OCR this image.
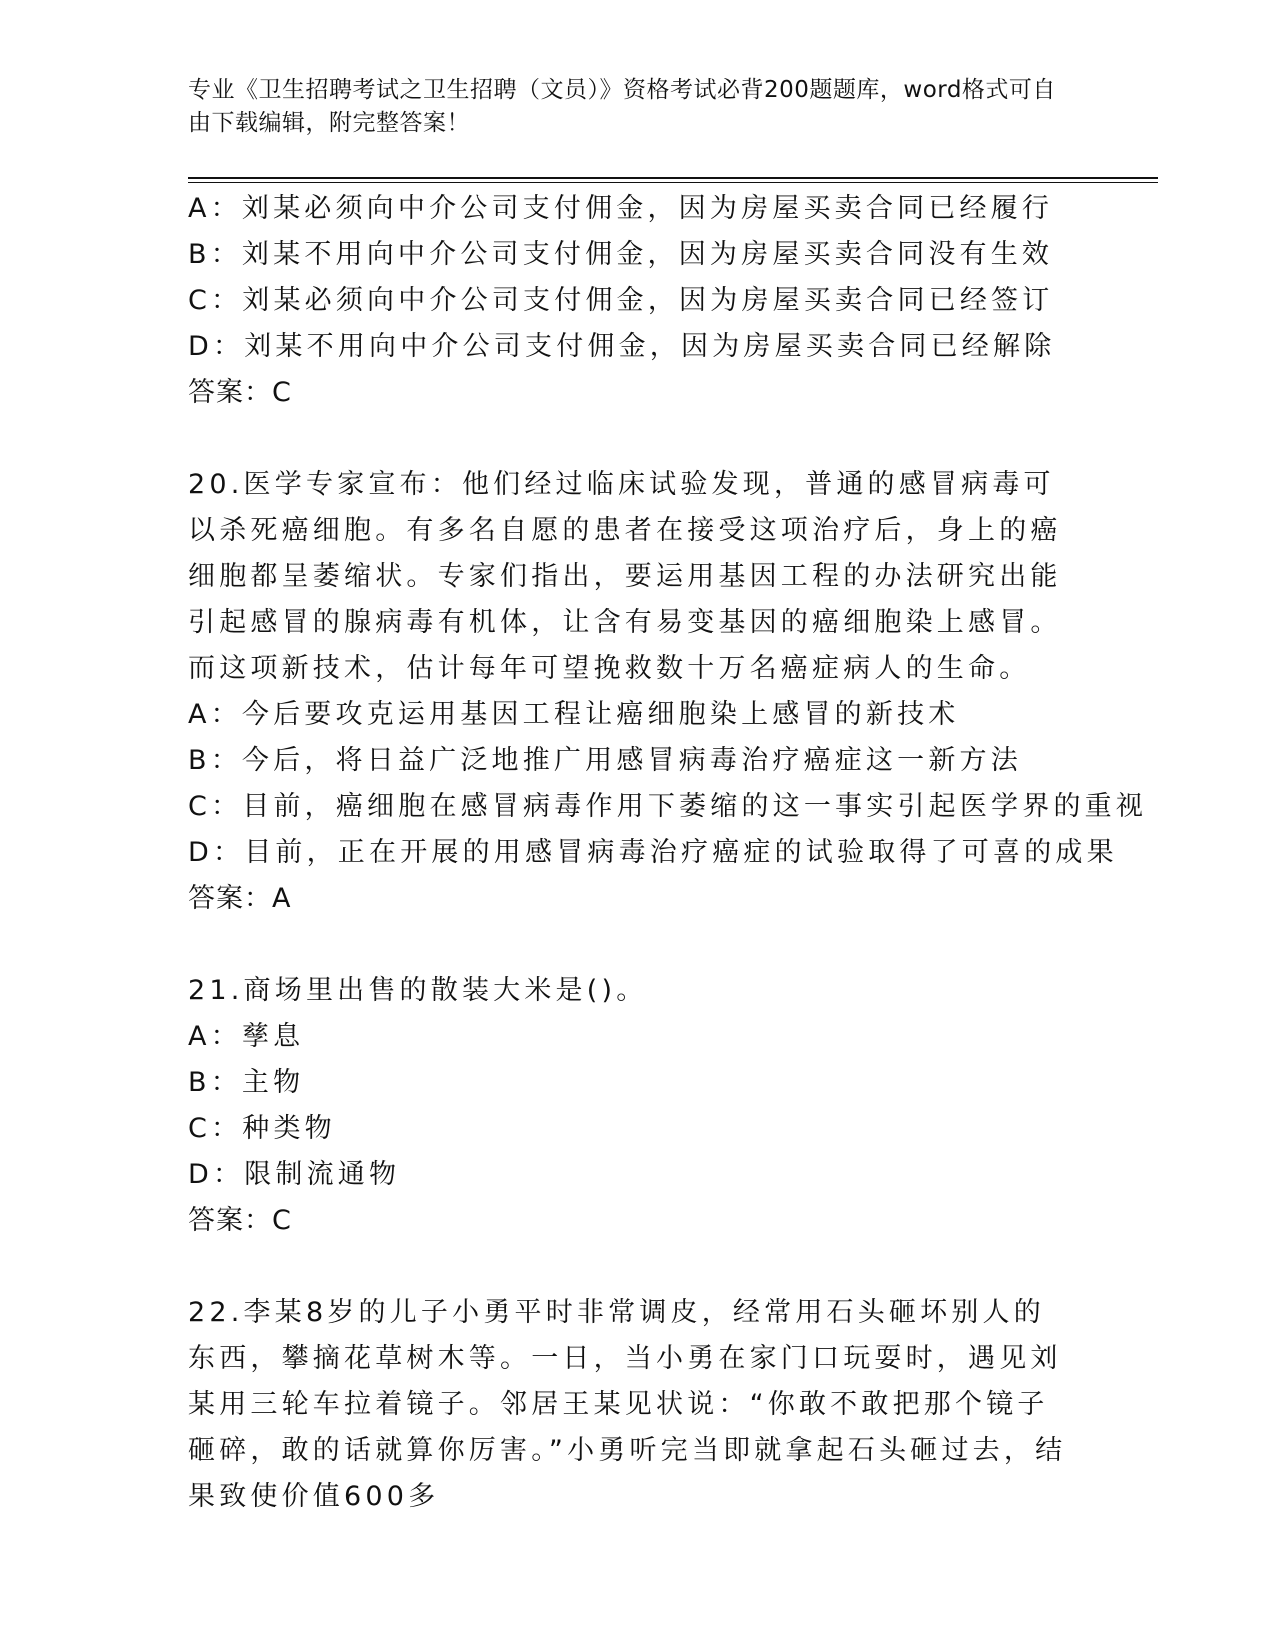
专业《卫生招聘考试之卫生招聘（文员）》资格考试必背200题题库，word格式可自由下载编辑，附完整答案！
A：刘某必须向中介公司支付佣金，因为房屋买卖合同已经履行
B：刘某不用向中介公司支付佣金，因为房屋买卖合同没有生效
C：刘某必须向中介公司支付佣金，因为房屋买卖合同已经签订
D：刘某不用向中介公司支付佣金，因为房屋买卖合同已经解除
答案：C
20.医学专家宣布：他们经过临床试验发现，普通的感冒病毒可以杀死癌细胞。有多名自愿的患者在接受这项治疗后，身上的癌细胞都呈萎缩状。专家们指出，要运用基因工程的办法研究出能引起感冒的腺病毒有机体，让含有易变基因的癌细胞染上感冒。而这项新技术，估计每年可望挽救数十万名癌症病人的生命。
A：今后要攻克运用基因工程让癌细胞染上感冒的新技术
B：今后，将日益广泛地推广用感冒病毒治疗癌症这一新方法
C：目前，癌细胞在感冒病毒作用下萎缩的这一事实引起医学界的重视
D：目前，正在开展的用感冒病毒治疗癌症的试验取得了可喜的成果
答案：A
21.商场里出售的散装大米是()。
A：孳息
B：主物
C：种类物
D：限制流通物
答案：C
22.李某8岁的儿子小勇平时非常调皮，经常用石头砸坏别人的东西，攀摘花草树木等。一日，当小勇在家门口玩耍时，遇见刘某用三轮车拉着镜子。邻居王某见状说：“你敢不敢把那个镜子砸碎，敢的话就算你厉害。”小勇听完当即就拿起石头砸过去，结果致使价值600多
